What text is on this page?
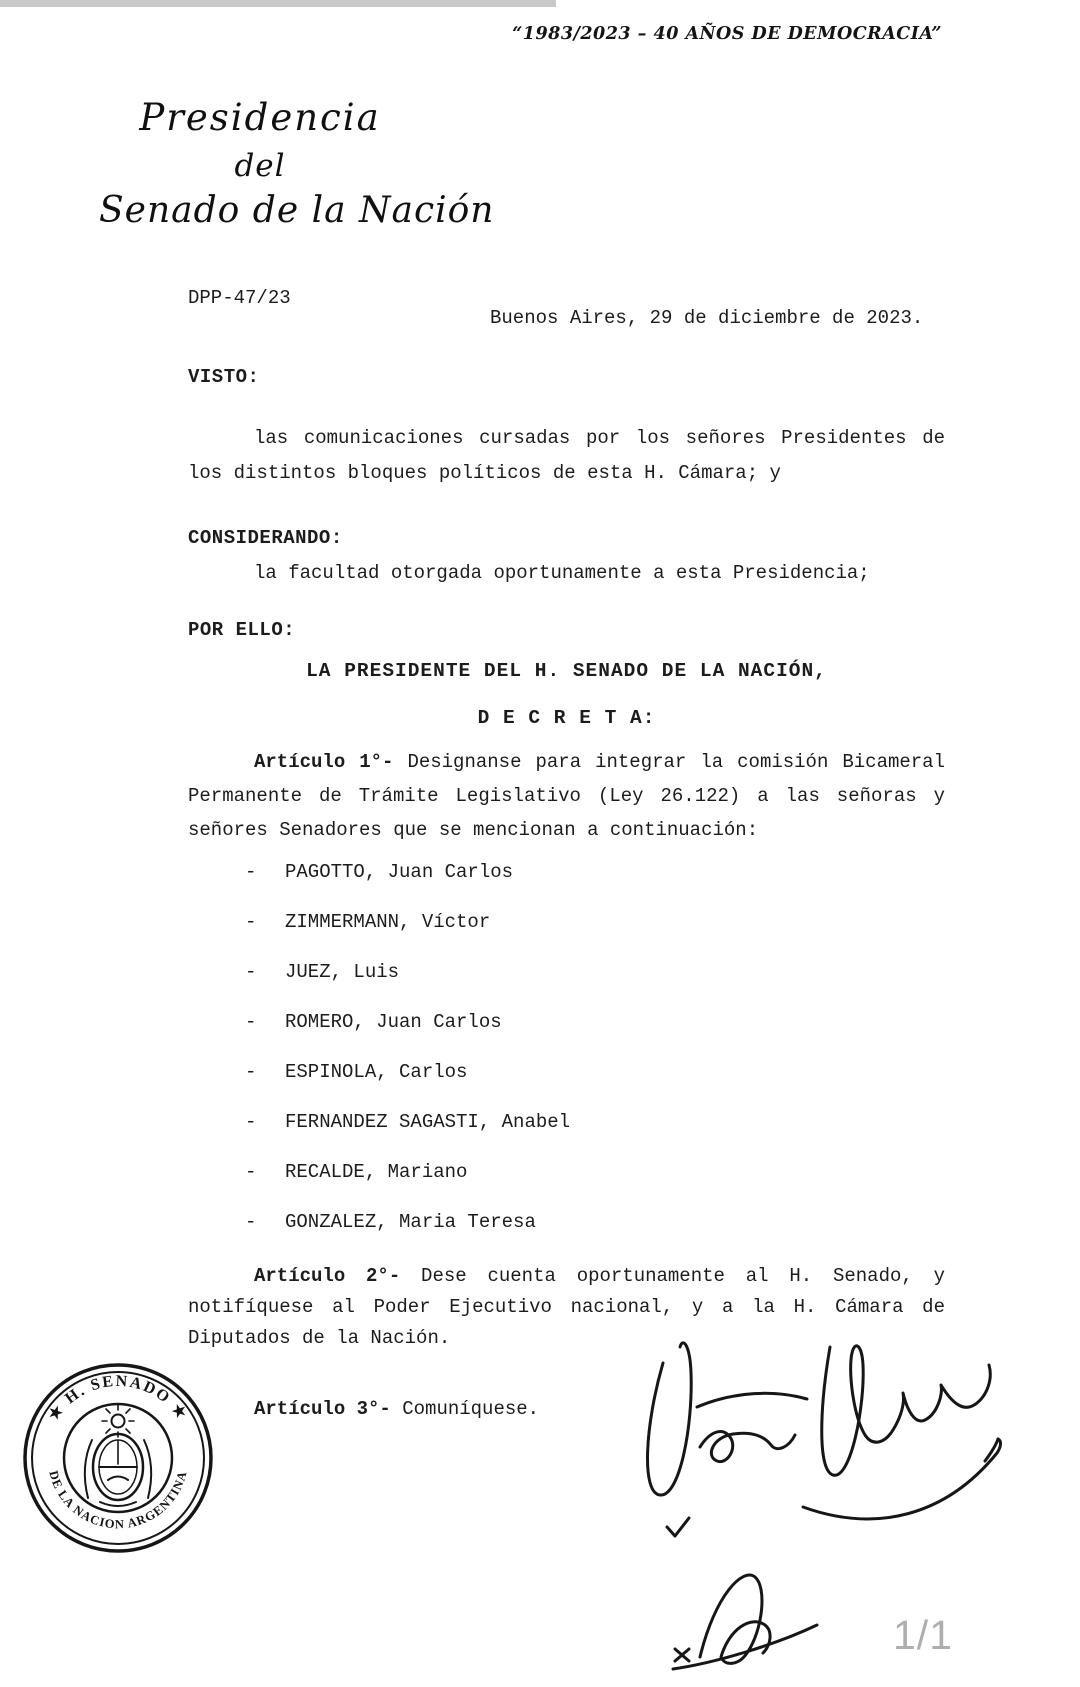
“1983/2023 – 40 AÑOS DE DEMOCRACIA”
Presidencia
del
Senado de la Nación
DPP-47/23
Buenos Aires, 29 de diciembre de 2023.
VISTO:

las comunicaciones cursadas por los señores Presidentes de los distintos bloques políticos de esta H. Cámara; y

CONSIDERANDO:

la facultad otorgada oportunamente a esta Presidencia;

POR ELLO:
LA PRESIDENTE DEL H. SENADO DE LA NACIÓN,
D E C R E T A:

Artículo 1°- Designanse para integrar la comisión Bicameral Permanente de Trámite Legislativo (Ley 26.122) a las señoras y señores Senadores que se mencionan a continuación:

-	PAGOTTO, Juan Carlos
-	ZIMMERMANN, Víctor
-	JUEZ, Luis
-	ROMERO, Juan Carlos
-	ESPINOLA, Carlos
-	FERNANDEZ SAGASTI, Anabel
-	RECALDE, Mariano
-	GONZALEZ, Maria Teresa

Artículo 2°- Dese cuenta oportunamente al H. Senado, y notifíquese al Poder Ejecutivo nacional, y a la H. Cámara de Diputados de la Nación.

Artículo 3°- Comuníquese.
★ H. SENADO ★
DE LA NACION ARGENTINA
1/1
